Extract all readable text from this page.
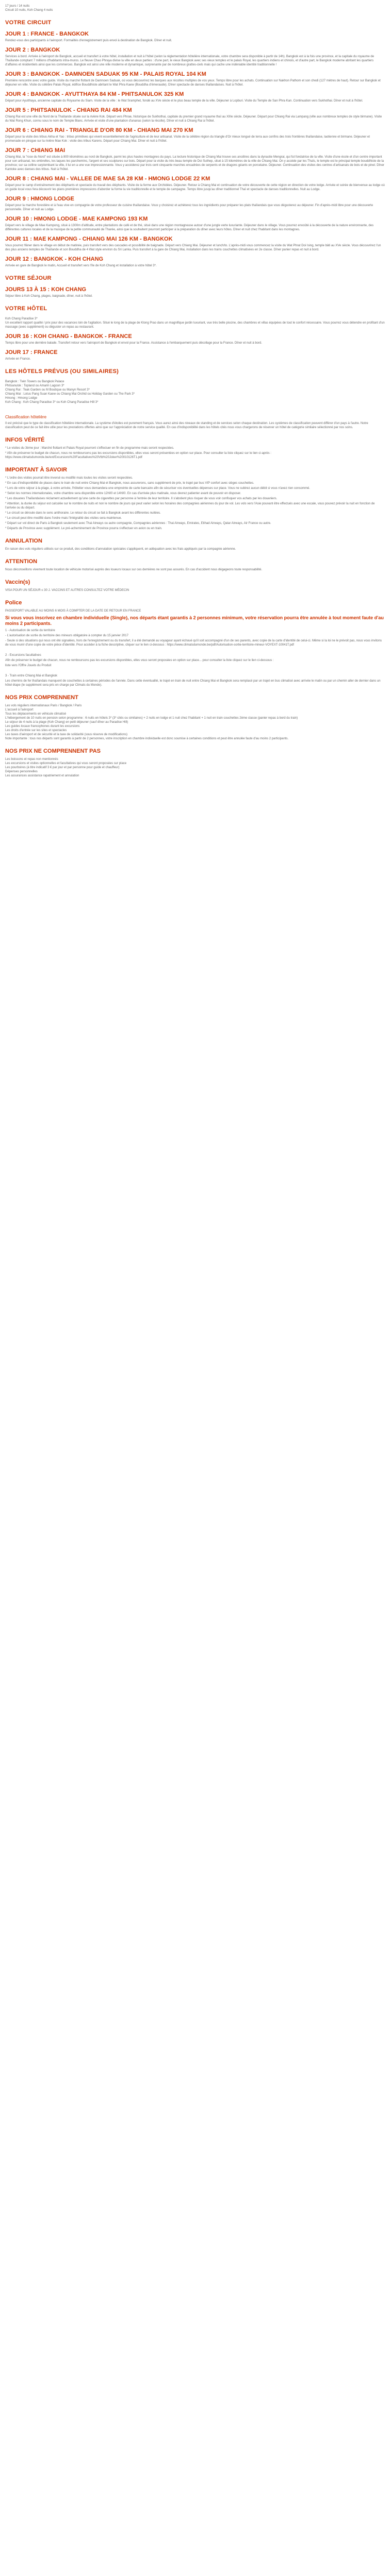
17 jours / 14 nuits

Circuit 10 nuits, Koh Chang 4 nuits

VOTRE CIRCUIT
JOUR 1 : FRANCE - BANGKOK

Rendez-vous des participants à l'aéroport. Formalités d'enregistrement puis envol à destination de Bangkok. Dîner et nuit.

JOUR 2 : BANGKOK

Services à bord. Arrivée à l'aéroport de Bangkok, accueil et transfert à votre hôtel, installation et nuit à l'hôtel (selon la réglementation hôtelière internationale, votre chambre sera disponible à partir de 14h). Bangkok est à la fois une province, et la capitale du royaume de Thaïlande comptant 7 millions d'habitants intra-muros. Le fleuve Chao Phraya divise la ville en deux parties : d'une part, le vieux Bangkok avec ses vieux temples et le palais Royal, les quartiers indiens et chinois, et d'autre part, le Bangkok moderne abritant les quartiers d'affaires et résidentiels ainsi que les commerces. Bangkok est ainsi une ville moderne et dynamique, surprenante par de nombreux grattes-ciels mais qui cache une indéniable identité traditionnelle !

JOUR 3 : BANGKOK - DAMNOEN SADUAK 95 KM - PALAIS ROYAL 104 KM

Première rencontre avec votre guide. Visite du marché flottant de Damnoen Saduak, où vous découvrirez les barques aux récoltes multiples de vos yeux. Temps libre pour les achats. Continuation sur Nakhon Pathom et son chedi (127 mètres de haut). Retour sur Bangkok et déjeuner en ville. Visite du célèbre Palais Royal, édifice Bouddhiste abritant le Wat Phra Kaew (Bouddha d'émeraude). Dîner spectacle de danses thaïlandaises. Nuit à l'hôtel.

JOUR 4 : BANGKOK - AYUTTHAYA 84 KM - PHITSANULOK 325 KM

Départ pour Ayutthaya, ancienne capitale du Royaume du Siam. Visite de la ville : le Wat Sramphet, fondé au XVe siècle et le plus beau temple de la ville. Déjeuner à Lopburi. Visite du Temple de San Phra Kan. Continuation vers Sukhothai. Dîner et nuit à l'hôtel.

JOUR 5 : PHITSANULOK - CHIANG RAI 484 KM

Chiang Rai est une ville du Nord de la Thaïlande située sur la rivière Kok. Départ vers Phrae, historique de Sukhothai, capitale du premier grand royaume thaï au XIIIe siècle. Déjeuner. Départ pour Chiang Rai via Lampang (ville aux nombreux temples de style birmane). Visite du Wat Rong Khun, connu sous le nom de Temple Blanc. Arrivée et visite d'une plantation d'ananas (selon la récolte). Dîner et nuit à Chiang Rai à l'hôtel.

JOUR 6 : CHIANG RAI - TRIANGLE D'OR 80 KM - CHIANG MAI 270 KM

Départ pour la visite des tribus Akha et Yao : tribus primitives qui vivent essentiellement de l'agriculture et de leur artisanat. Visite de la célèbre région du triangle d'Or mieux longué de terra aux confins des trois frontières thaïlandaise, laotienne et birmane. Déjeuner et promenade en pirogue sur la rivière Mae Kok : visite des tribus Karens. Départ pour Chiang Mai. Dîner et nuit à l'hôtel.

JOUR 7 : CHIANG MAI

Chiang Mai, la "rose du Nord" est située à 800 kilomètres au nord de Bangkok, parmi les plus hautes montagnes du pays. La lecture historique de Chiang Mai trouve ses ancêtres dans la dynastie Mengrai, qui fut fondatrice de la ville. Visite d'une école et d'un centre important pour son artisanat, les ombrelles, les laques les parchemins, l'argent et ses sculptures sur bois. Départ pour la visite du très beau temple de Doi Suthep, situé à 15 kilomètres de la ville de Chiang Mai. On y accède par les Thaïs, le temple est le principal temple bouddhiste de la province; sur sa colline surplombant la ville, il lui en a une vue impressionnante. Vous y accéderez par trois cent cinquante marches encadrées de serpents et de dragons géants en porcelaine. Déjeuner. Continuation des visites des centres d'artisanats de bois et de pinel. Dîner Kantoke avec danses des tribus. Nuit à l'hôtel.

JOUR 8 : CHIANG MAI - VALLEE DE MAE SA 28 KM - HMONG LODGE 22 KM

Départ pour le camp d'entraînement des éléphants et spectacle du travail des éléphants. Visite de la ferme aux Orchidées. Déjeuner. Retour à Chiang Mai et continuation de votre découverte de cette région en direction de votre lodge. Arrivée et soirée de bienvenue au lodge où un guide local vous fera découvrir les plans premières impressions d'aborder la forme la vie traditionnelle et le temple de campagne. Temps libre jusqu'au dîner traditionnel Thaï et spectacle de danses traditionnelles. Nuit au Lodge.

JOUR 9 : HMONG LODGE

Départ pour la marche forestière et à l'eau vive en compagnie de votre professeur de cuisine thaïlandaise. Vous y choisirez et achèterez tous les ingrédients pour préparer les plats thaïlandais que vous dégusterez au déjeuner. Fin d'après-midi libre pour une découverte personnelle. Dîner et nuit au Lodge.

JOUR 10 : HMONG LODGE - MAE KAMPONG 193 KM

Départ vers le village de Mae Kampong, situé à 1300m d'altitude, entre plantations de café et de thé, situé dans une région montagneuse autour d'une jungle verte luxuriante. Déjeuner dans le village. Vous pourrez envoûté à la découverte de la nature environnante, des différentes cultures locales et de la musique de la petite communauté de Tharée, ainsi que la souhaitent pourront participer à la préparation du dîner avec leurs hôtes. Dîner et nuit chez l'habitant dans les montagnes.

JOUR 11 : MAE KAMPONG - CHIANG MAI 126 KM - BANGKOK

Vous pourrez flâner dans le village en début de matinée, puis transfert vers des cascades et possibilité de baignade. Départ vers Chiang Mai. Déjeuner et lunch/to. L'après-midi vous commencez la visite du Wat Phrat Doi Ising, temple bâti au XVe siècle. Vous découvrirez l'un des plus anciens temples de Thaïlande et son Bouddha de 4 Wat style environ du Sri Lanka. Puis transfert à la gare de Chiang Mai, installation dans les trains couchettes climatisées en 2e classe. Dîner panier repas et nuit à bord.

JOUR 12 : BANGKOK - KOH CHANG

Arrivée en gare de Bangkok le matin, Accueil et transfert vers l'île de Koh Chang et installation à votre hôtel 3*.

VOTRE SÉJOUR
JOURS 13 À 15 : KOH CHANG

Séjour libre à Koh Chang, plages, baignade, dîner, nuit à l'hôtel.

VOTRE HÔTEL

Koh Chang Paradise 3*

Un excellent rapport qualité / prix pour des vacances loin de l'agitation. Situé le long de la plage de Klong Prao dans un magnifique jardin luxuriant, vue très belle piscine, des chambres et villas équipées de tout le confort nécessaire. Vous pourrez vous détendre en profitant d'un massage (avec supplément) ou déguster un repas au restaurant.

JOUR 16 : KOH CHANG - BANGKOK - FRANCE

Temps libre pour une dernière balade. Transfert retour vers l'aéroport de Bangkok et envol pour la France. Assistance à l'embarquement puis décollage pour la France. Dîner et nuit à bord.

JOUR 17 : FRANCE

Arrivée en France.

LES HÔTELS PRÉVUS (OU SIMILAIRES)

Bangkok : Twin Towers ou Bangkok Palace

Phitsanulok : Topland ou Amarin Lagoon 3*

Chiang Rai : Teak Garden ou M Boutique ou Manyn Resort 3*

Chiang Mai : Lotus Pang Suan Kaew ou Chiang Mai Orchid ou Holiday Garden ou The Park 3*

Hmong : Hmong Lodge

Koh Chang : Koh Chang Paradise 3* ou Koh Chang Paradise Hill 3*

Classification hôtelière

Il est précisé que le type de classification hôtelière internationale. La système d'étoiles est purement français. Vous aurez ainsi des niveaux de standing et de services selon chaque destination. Les systèmes de classification peuvent différer d'un pays à l'autre. Notre classification peut de ce fait être utile pour les prestations offertes ainsi que sur l'appréciation de notre service qualité. En cas d'indisponibilité dans les hôtels cités nous vous chargerons de réserver un hôtel de catégorie similaire sélectionné par nos soins.

INFOS VÉRITÉ

* Le visites du 3ème jour : Marché flottant et Palais Royal pourront s'effectuer en fin de programme mais seront respectées.

* Afin de préserver le budget de chacun, nous ne remboursons pas les excursions disponibles, elles vous seront présentées en option sur place. Pour consulter la liste cliquez sur le lien ci-après : https://www.climatsdumonde.be/ext/Excursions%20Facultatives%20Vtb%20Joker%20010126T1.pdf

IMPORTANT À SAVOIR

* L'ordre des visites pourrait être inversé ou modifié mais toutes les visites seront respectées.

* En cas d'indisponibilité de places dans le train de nuit entre Chiang Mai et Bangkok, nous assurerons, sans supplément de prix, le trajet par bus VIP confort avec sièges couchettes.

* Lors de votre séjour à la plage, à votre arrivée, l'hôtelier vous demandera une empreinte de carte bancaire afin de sécuriser vos éventuelles dépenses sur place. Vous ne subirez aucun débit si vous n'avez rien consommé.

* Selon les normes internationales, votre chambre sera disponible entre 12h00 et 14h00. En cas d'arrivée plus matinale, vous devrez patienter avant de pouvoir en disposer.

* Les douanes Thaïlandaises réclament actuellement qu'une carte de cigarettes par personne à l'entrée de leur territoire. Il s'abstient plus risquer de vous voir confisquer vos achats par les douaniers.

* Attention, la durée du séjour est calculée sur le nombre de nuits et non le nombre de jours qui peut varier selon les horaires des compagnies aériennes du jour de vol. Les vols vers l'Asie pouvant être effectués avec une escale, vous pouvez prévoir la nuit en fonction de l'arrivée ou du départ.

* Le circuit se déroule dans le sens antihoraire. Le retour du circuit se fait à Bangkok avant les différentes nuitées.

* Le circuit peut être modifié dans l'ordre mais l'intégralité des visites sera maintenue.

* Départ sur vol direct de Paris à Bangkok seulement avec Thai Airways ou autre compagnie, Compagnies aériennes : Thai Airways, Emirates, Etihad Airways, Qatar Airways, Air France ou autre.

* Départs de Province avec supplément. Le pré-acheminement de Province pourra s'effectuer en avion ou en train.

ANNULATION

En raison des vols réguliers utilisés sur ce produit, des conditions d'annulation spéciales s'appliquent, en adéquation avec les frais appliqués par la compagnie aérienne.

ATTENTION

Nous déconseillons vivement toute location de véhicule motorisé auprès des loueurs locaux sur ces dernières ne sont pas assurés. En cas d'accident nous dégageons toute responsabilité.

Vaccin(s)

VISA POUR UN SÉJOUR ≤ 30 J. VACCINS ET AUTRES CONSULTEZ VOTRE MÉDECIN

Police

PASSEPORT VALABLE AU MOINS 6 MOIS À COMPTER DE LA DATE DE RETOUR EN FRANCE

Si vous vous inscrivez en chambre individuelle (Single), nos départs étant garantis à 2 personnes minimum, votre réservation pourra être annulée à tout moment faute d'au moins 2 participants.

1 - Autorisation de sortie du territoire

- L'autorisation de sortie du territoire des mineurs obligatoire à compter du 15 janvier 2017

- Seule si des situations qui nous ont été signalées, hors de l'enregistrement ou du transfert, il a été demandé au voyageur ayant échoué qu'il soit accompagné d'un de ses parents, avec copie de la carte d'identité de celui-ci. Même si la loi ne le prévoit pas, nous vous invitons de vous munir d'une copie de votre pièce d'identité. Pour accéder à la fiche descriptive, cliquer sur le lien ci-dessous : https://www.climatsdumonde.be/pdf/Autorisation-sortie-territoire-mineur-VOYEXT-10041T.pdf

2 - Excursions facultatives

Afin de préserver le budget de chacun, nous ne remboursons pas les excursions disponibles, elles vous seront proposées en option sur place... pour consulter la liste cliquez sur le lien ci-dessous :

liste vers l'Offre Jouets du Produit

3 - Train entre Chiang Mai et Bangkok

Les chemins de fer thaïlandais manquent de couchettes à certaines périodes de l'année. Dans cette éventualité, le trajet en train de nuit entre Chiang Mai et Bangkok sera remplacé par un trajet en bus climatisé avec arrivée le matin ou par un chemin aller de dernier dans un hôtel étape (le supplément sera pris en charge par Climats du Monde).

NOS PRIX COMPRENNENT

Les vols réguliers internationaux Paris / Bangkok / Paris

L'accueil à l'aéroport

Tous les déplacements en véhicule climatisé

L'hébergement de 10 nuits en pension selon programme : 6 nuits en hôtels 3* (3* cités ou similaires) + 2 nuits en lodge et 1 nuit chez l'habitant + 1 nuit en train couchettes 2ème classe (panier repas à bord du train)

Le séjour de 4 nuits à la plage (Koh Chang) en petit déjeuner (sauf dîner au Paradise Hill)

Les guides locaux francophones durant les excursions

Les droits d'entrée sur les sites et spectacles

Les taxes d'aéroport et de sécurité et la taxe de solidarité (sous réserve de modifications)

Note importante : tous nos départs sont garantis à partir de 2 personnes, votre inscription en chambre individuelle est donc soumise à certaines conditions et peut être annulée faute d'au moins 2 participants.

NOS PRIX NE COMPRENNENT PAS

Les boissons et repas non mentionnés

Les excursions et visites optionnelles et facultatives qui vous seront proposées sur place

Les pourboires (à titre indicatif 3 € par jour et par personne pour guide et chauffeur)

Dépenses personnelles

Les assurances assistance rapatriement et annulation
